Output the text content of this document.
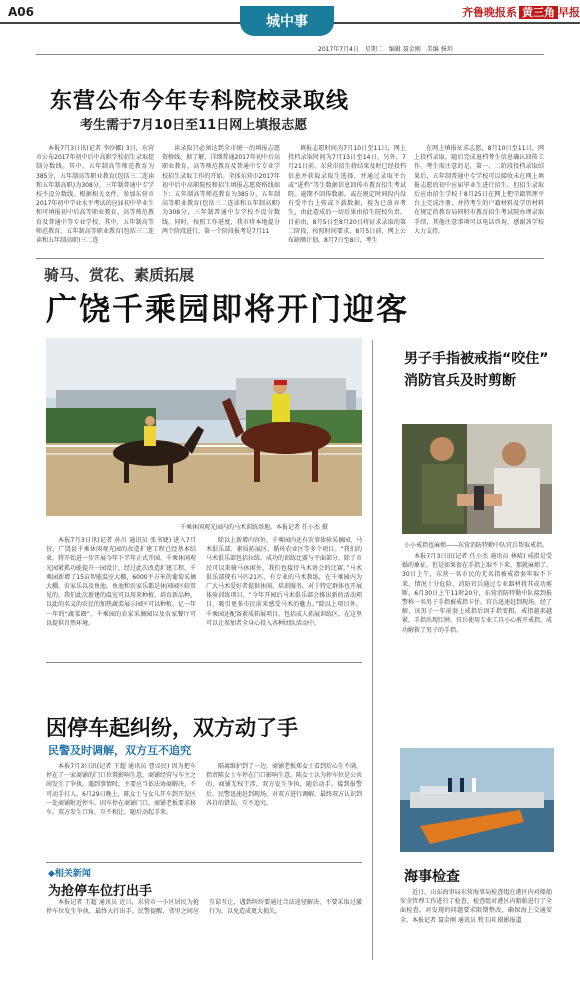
A06
城中事
齐鲁晚报系 黄三角 早报
2017年7月4日　星期二　编辑 聂金刚　美编 杨玥
东营公布今年专科院校录取线
考生需于7月10日至11日网上填报志愿

本报7月3日讯(记者 李沙娜) 3日，东营市公布2017年初中后中高职学校招生录取控制分数线。其中，五年制高等师范教育为385分，五年制高等职业教育(包括三二连读和五年制高职)为308分，三年制普通中专学校不设分数线。根据相关文件，参加东营市2017年初中学业水平考试的应届初中毕业生和可填报初中后高等职业教育、高等师范教育及普通中等专业学校。其中，五年制高等师范教育、五年制高等职业教育(包括三二连读和五年制高职)三二连

读录取只必须达到全市统一的填报志愿资格线。据了解，详细普通2017年初中后高职业教育、高等师范教育及普通中专专业学校招生录取工作的开始。全体东营市2017年初中后中高职院校和招生填报志愿资格线如下：五年制高等师范教育为385分，五年制高等职业教育(包括三二连读和五年制高职)为308分，三年制普通中专学校不设分数线。同时，按照工作进度，我市将本地提分两个阶段进行，第一个阶段报考是7月11

填报志愿时间为7月10日至11日，网上投档录取时间为7月13日至14日，另外，7月21日前，东营市招生将结果及时已经投档信息并获取录取生选择，并通过录取平台或“进档”等生数据信息回传市教育招生考试院。逾期不回传数据，或在规定时间段内没有受平台上传或下载数据，视为已放弃考生，由此造成的一切后果由招生院校负责。目前由，8月5日至8月20日将征求录取的第二阶段，按照时间要求，8月5日前，网上公布缺额计划，8月7日至8日，考生

在网上填报征求志愿，8月10日至11日，网上投档录取，随后完成退档考生信息确认回传工作。考生需注意的是，第一、二阶段投档录取结果后，五年制普通中专学校可以接收未在网上填报志愿的初中应届毕业生进行招生，但招生录取后应由招生学校于8月25日在网上把学籍管理平台上完成注册，并持考生的户籍材料及学历材料在规定的教育局同时市教育招生考试院办理录取手续，其他注意事项可以电话咨询，感谢各学校大力支持。

骑马、赏花、素质拓展
广饶千乘园即将开门迎客
千乘休闲观光园内的马术训练基地。本报记者 任小杰 摄

本报7月3日讯(记者 孙川 通讯员 张书婕) 进入7月份，广饶县千乘休闲观光园的改造扩建工程已经基本结束，将开始进一步开展今年下半年正式开园。千乘休闲观光园紧抓功能提升一园设计，经过此次改造扩建工程，千乘园新增了15亩智能温室大棚，6000平方米的葡萄采摘大棚，农家乐以及鱼池。鱼池和农家乐都是休闲园区较常见的，我们此次新建的温室可以用来种植、培育新品种，以此的名义的农民的加热蔬菜展示园区可以种植，亿一年一年的“蔬菜圈”，千乘园的农家采摘园以及农家餐厅可以提供自然环境。

除以上新增内容外，千乘园内还有农事体验采摘园、马术俱乐部、素质拓展区、循环农业区等多个项目。“我们的马术俱乐部包括拉练、成功的训练比赛与平面部分，除了市民可以来骑马休闲外，我们也接待马术协会的比赛。”马术俱乐部现有马匹21匹，有专业的马术教练，在千乘园内为广大马术爱好者提供休闲、培训服务，对于特定群体也开展体验训练项目。“今年开园后马术俱乐部会推出新的活动项目，吸引更多市民前来感受马术的魅力。”除以上项目外，千乘园还配备素质拓展项目，包括成人拓展训练区，在这里可以让参加者全身心投入各种团队活动中。

男子手指被戒指“咬住”
消防官兵及时剪断
小小戒指也麻烦——东营消防特勤中队官兵帮取戒指。

本报7月3日讯(记者 任小杰 通讯员 林晴) 戒指是受婚的象征，但是如果套在手指上取不下来，那就麻烦了。30日上午，东营一名市民的无名指被戒指套牢取不下来，情况十分危险，消防官兵通过专业器材将其成功剪断。6月30日上午11时20分，东营消防特勤中队接到报警称一名男子手指被戒指卡住。官兵迅速赶到现场，经了解，该男子一年前套上戒指后因手指变粗，戒指越来越紧，手指出现红肿。官兵使用专业工具小心剪开戒指，成功解救了男子的手指。

因停车起纠纷，双方动了手
民警及时调解，双方互不追究

本报7月3日讯(记者 王超 通讯员 曹议民) 因为把车停在了一家商铺的门口位置影响生意，商铺经营与车主之间发生了争执。遇到事情时，主要应当依法协商解决，不可动手打人。6月29日晚上，陈女士与女儿开车到开发区一处商铺附近停车，因车停在商铺门口，商铺老板要求移车，双方发生口角，互不相让，随后动起手来。

隔离维护到了一边。商铺老板郑女士看到后心生不满，指责陈女士车停在门口影响生意。陈女士认为停车位是公共的，商铺无权干涉，双方发生争执，随后动手。接到报警后，民警迅速赶到现场，对双方进行调解，最终双方认识到各自的错误，互不追究。

◆相关新闻
为抢停车位打出手

本报记者 王超 通讯员 近日，东营市一小区居民为抢停车位发生争执，最终大打出手。民警提醒，邻里之间应互谅互让，遇到纠纷要通过合法途径解决，不要采取过激行为，以免造成更大损失。

海事检查

近日，山东海事局东营海事局检查组在港区内对船舶安全管理工作进行了检查，检查组对港区内船舶进行了全面检查，对发现的问题要求限期整改，确保海上交通安全。本报记者 聂金刚 通讯员 牧玉国 摄影报道
